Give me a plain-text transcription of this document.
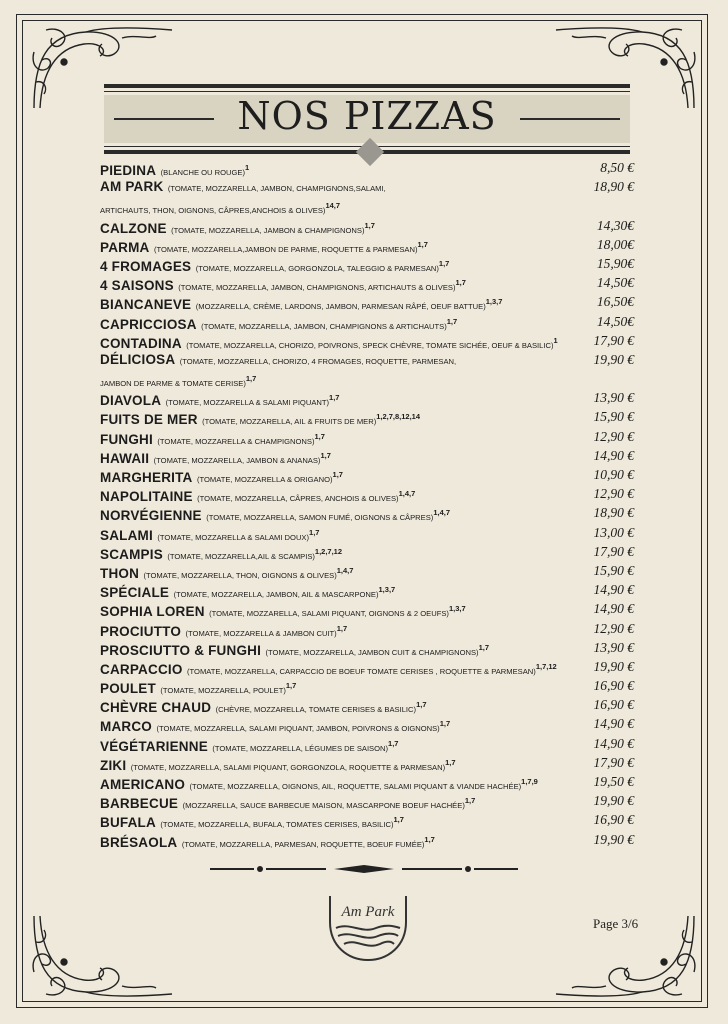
NOS PIZZAS
PIEDINA (BLANCHE OU ROUGE)$^1$	8,50 €
AM PARK (TOMATE, MOZZARELLA, JAMBON, CHAMPIGNONS,SALAMI,
ARTICHAUTS, THON, OIGNONS, CÂPRES,ANCHOIS & OLIVES)$^{14,7}$
18,90 €
CALZONE (TOMATE, MOZZARELLA, JAMBON & CHAMPIGNONS)$^{1,7}$	14,30€
PARMA (TOMATE, MOZZARELLA,JAMBON DE PARME, ROQUETTE & PARMESAN)$^{1,7}$	18,00€
4 FROMAGES (TOMATE, MOZZARELLA, GORGONZOLA, TALEGGIO & PARMESAN)$^{1,7}$	15,90€
4 SAISONS (TOMATE, MOZZARELLA, JAMBON, CHAMPIGNONS, ARTICHAUTS & OLIVES)$^{1,7}$	14,50€
BIANCANEVE (MOZZARELLA, CRÈME, LARDONS, JAMBON, PARMESAN RÂPÉ, OEUF BATTUE)$^{1,3,7}$	16,50€
CAPRICCIOSA (TOMATE, MOZZARELLA, JAMBON, CHAMPIGNONS & ARTICHAUTS)$^{1,7}$	14,50€
CONTADINA (TOMATE, MOZZARELLA, CHORIZO, POIVRONS, SPECK CHÈVRE, TOMATE SICHÉE, OEUF & BASILIC)$^1$	17,90 €
DÉLICIOSA (TOMATE, MOZZARELLA, CHORIZO, 4 FROMAGES, ROQUETTE, PARMESAN,
JAMBON DE PARME & TOMATE CERISE)$^{1,7}$
19,90 €
DIAVOLA (TOMATE, MOZZARELLA & SALAMI PIQUANT)$^{1,7}$	13,90 €
FUITS DE MER (TOMATE, MOZZARELLA, AIL & FRUITS DE MER)$^{1,2,7,8,12,14}$	15,90 €
FUNGHI (TOMATE, MOZZARELLA & CHAMPIGNONS)$^{1,7}$	12,90 €
HAWAII (TOMATE, MOZZARELLA, JAMBON & ANANAS)$^{1,7}$	14,90 €
MARGHERITA (TOMATE, MOZZARELLA & ORIGANO)$^{1,7}$	10,90 €
NAPOLITAINE (TOMATE, MOZZARELLA, CÂPRES, ANCHOIS & OLIVES)$^{1,4,7}$	12,90 €
NORVÉGIENNE (TOMATE, MOZZARELLA, SAMON FUMÉ, OIGNONS & CÂPRES)$^{1,4,7}$	18,90 €
SALAMI (TOMATE, MOZZARELLA & SALAMI DOUX)$^{1,7}$	13,00 €
SCAMPIS (TOMATE, MOZZARELLA,AIL & SCAMPIS)$^{1,2,7,12}$	17,90 €
THON (TOMATE, MOZZARELLA, THON, OIGNONS & OLIVES)$^{1,4,7}$	15,90 €
SPÉCIALE (TOMATE, MOZZARELLA, JAMBON, AIL & MASCARPONE)$^{1,3,7}$	14,90 €
SOPHIA LOREN (TOMATE, MOZZARELLA, SALAMI PIQUANT, OIGNONS & 2 OEUFS)$^{1,3,7}$	14,90 €
PROCIUTTO (TOMATE, MOZZARELLA & JAMBON CUIT)$^{1,7}$	12,90 €
PROSCIUTTO & FUNGHI (TOMATE, MOZZARELLA, JAMBON CUIT & CHAMPIGNONS)$^{1,7}$	13,90 €
CARPACCIO (TOMATE, MOZZARELLA, CARPACCIO DE BOEUF TOMATE CERISES , ROQUETTE & PARMESAN)$^{1,7,12}$	19,90 €
POULET (TOMATE, MOZZARELLA, POULET)$^{1,7}$	16,90 €
CHÈVRE CHAUD (CHÈVRE, MOZZARELLA, TOMATE CERISES & BASILIC)$^{1,7}$	16,90 €
MARCO (TOMATE, MOZZARELLA, SALAMI PIQUANT, JAMBON, POIVRONS & OIGNONS)$^{1,7}$	14,90 €
VÉGÉTARIENNE (TOMATE, MOZZARELLA, LÉGUMES DE SAISON)$^{1,7}$	14,90 €
ZIKI (TOMATE, MOZZARELLA, SALAMI PIQUANT, GORGONZOLA, ROQUETTE & PARMESAN)$^{1,7}$	17,90 €
AMERICANO (TOMATE, MOZZARELLA, OIGNONS, AIL, ROQUETTE, SALAMI PIQUANT & VIANDE HACHÉE)$^{1,7,9}$	19,50 €
BARBECUE (MOZZARELLA, SAUCE BARBECUE MAISON, MASCARPONE BOEUF HACHÉE)$^{1,7}$	19,90 €
BUFALA (TOMATE, MOZZARELLA, BUFALA, TOMATES CERISES, BASILIC)$^{1,7}$	16,90 €
BRÉSAOLA (TOMATE, MOZZARELLA, PARMESAN, ROQUETTE, BOEUF FUMÉE)$^{1,7}$	19,90 €
Am Park
Page 3/6
